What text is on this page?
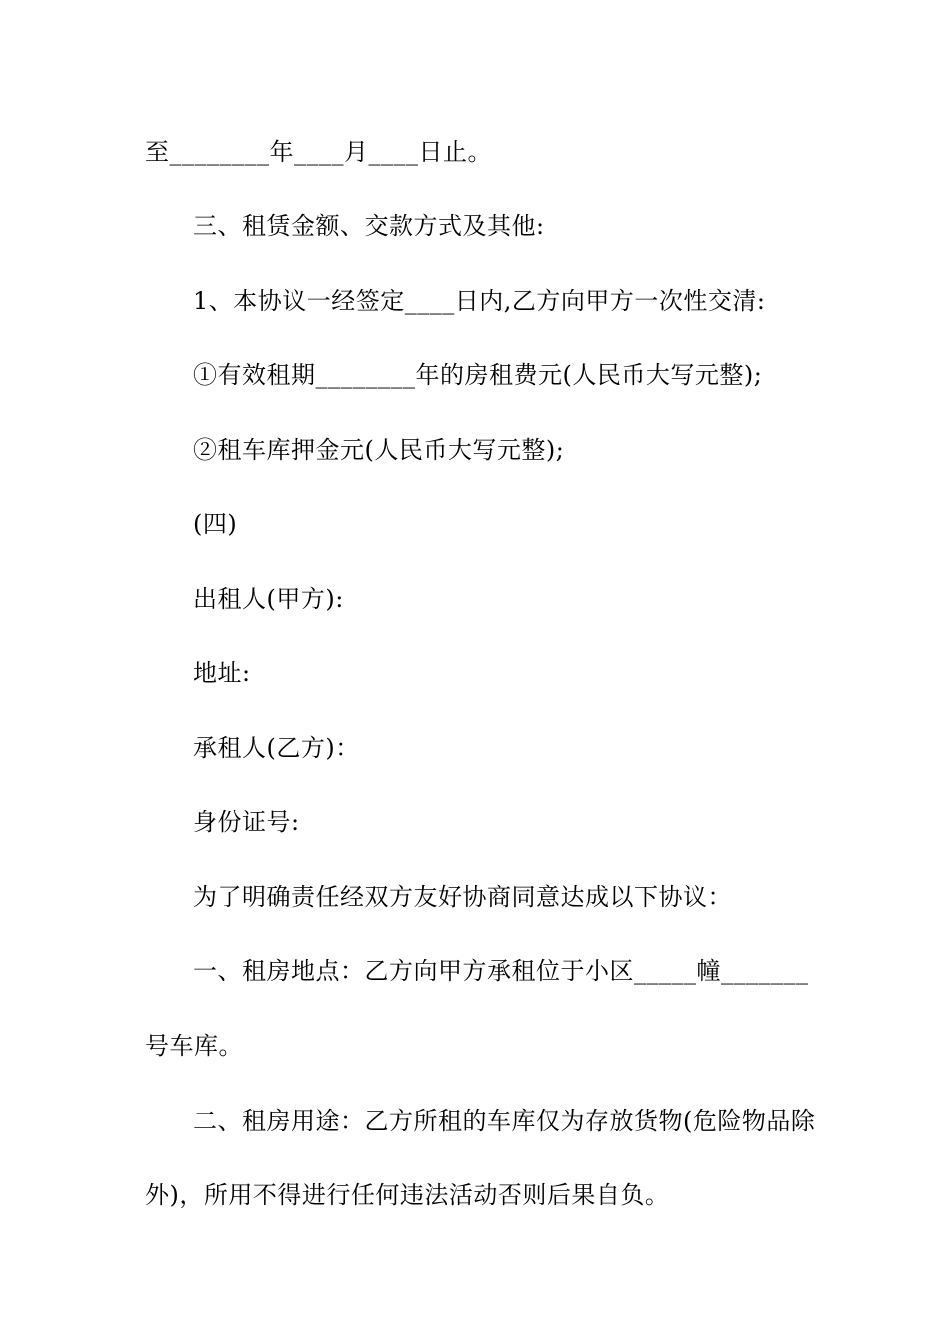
至________年____月____日止。
三、租赁金额、交款方式及其他:
1、本协议一经签定____日内,乙方向甲方一次性交清:
①有效租期________年的房租费元(人民币大写元整);
②租车库押金元(人民币大写元整);
(四)
出租人(甲方):
地址:
承租人(乙方)：
身份证号:
为了明确责任经双方友好协商同意达成以下协议：
一、租房地点：乙方向甲方承租位于小区_____幢_______
号车库。
二、租房用途：乙方所租的车库仅为存放货物(危险物品除
外)，所用不得进行任何违法活动否则后果自负。
